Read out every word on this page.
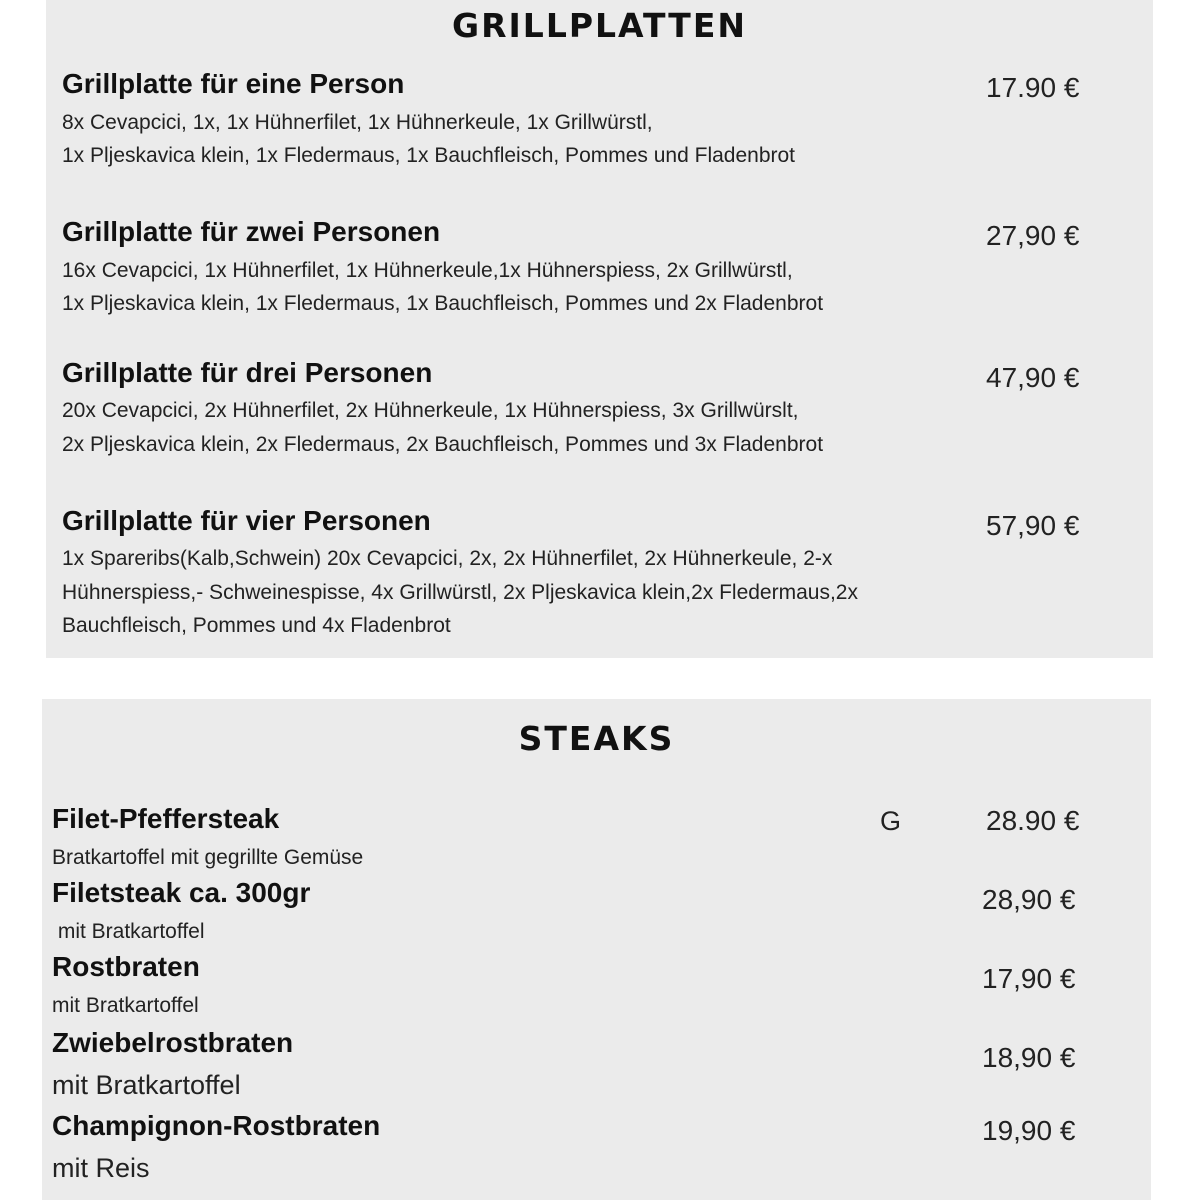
GRILLPLATTEN
Grillplatte für eine Person	17.90 €

8x Cevapcici, 1x, 1x Hühnerfilet, 1x Hühnerkeule, 1x Grillwürstl,

1x Pljeskavica klein, 1x Fledermaus, 1x Bauchfleisch, Pommes und Fladenbrot

Grillplatte für zwei Personen	27,90 €

16x Cevapcici, 1x Hühnerfilet, 1x Hühnerkeule,1x Hühnerspiess, 2x Grillwürstl,

1x Pljeskavica klein, 1x Fledermaus, 1x Bauchfleisch, Pommes und 2x Fladenbrot

Grillplatte für drei Personen	47,90 €

20x Cevapcici, 2x Hühnerfilet, 2x Hühnerkeule, 1x Hühnerspiess, 3x Grillwürslt,

2x Pljeskavica klein, 2x Fledermaus, 2x Bauchfleisch, Pommes und 3x Fladenbrot

Grillplatte für vier Personen	57,90 €

1x Spareribs(Kalb,Schwein) 20x Cevapcici, 2x, 2x Hühnerfilet, 2x Hühnerkeule, 2-x

Hühnerspiess,- Schweinespisse, 4x Grillwürstl, 2x Pljeskavica klein,2x Fledermaus,2x

Bauchfleisch, Pommes und 4x Fladenbrot

STEAKS
Filet-Pfeffersteak	G	28.90 €

Bratkartoffel mit gegrillte Gemüse

Filetsteak ca. 300gr	28,90 €

mit Bratkartoffel

Rostbraten	17,90 €

mit Bratkartoffel

Zwiebelrostbraten	18,90 €

mit Bratkartoffel

Champignon-Rostbraten	19,90 €

mit Reis
